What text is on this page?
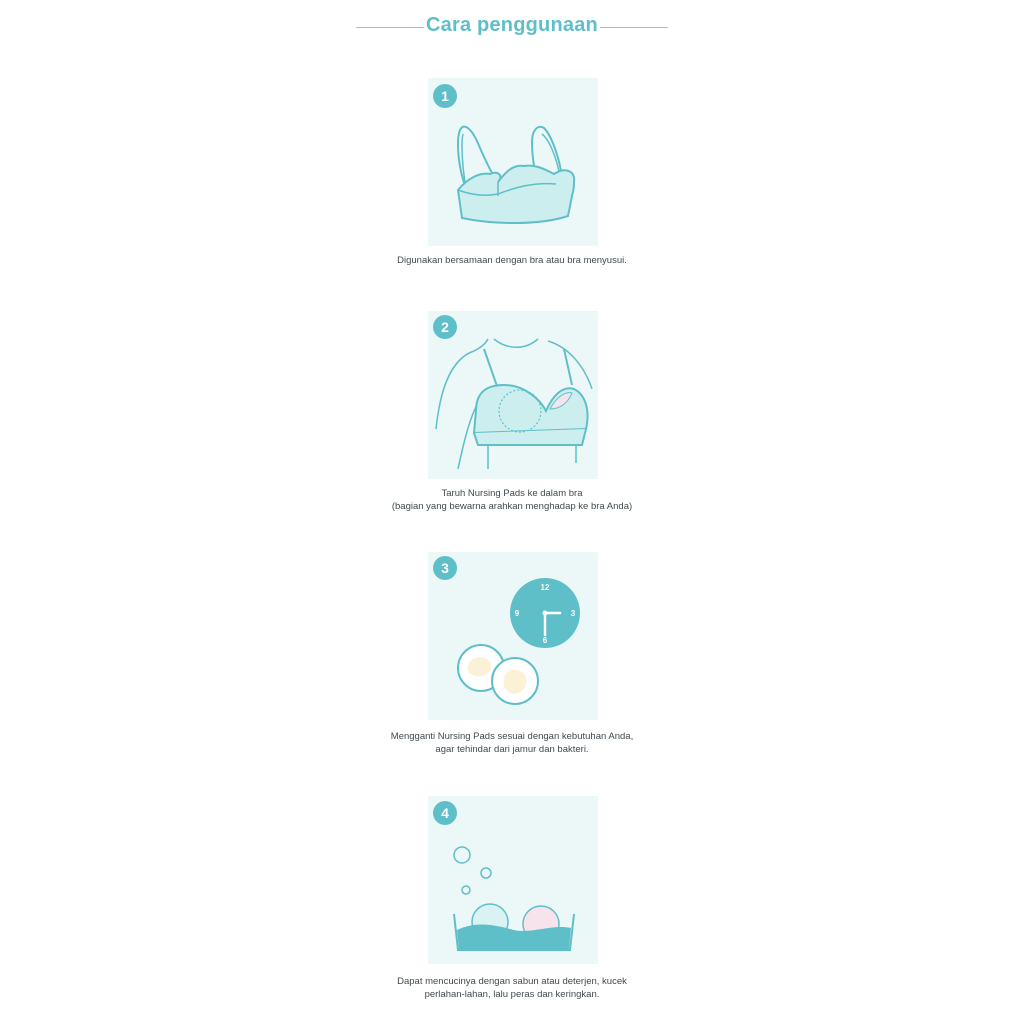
Cara penggunaan
1
Digunakan bersamaan dengan bra atau bra menyusui.
2
Taruh Nursing Pads ke dalam bra
(bagian yang bewarna arahkan menghadap ke bra Anda)
3
12
3
6
9
Mengganti Nursing Pads sesuai dengan kebutuhan Anda,
agar tehindar dari jamur dan bakteri.
4
Dapat mencucinya dengan sabun atau deterjen, kucek
perlahan-lahan, lalu peras dan keringkan.
